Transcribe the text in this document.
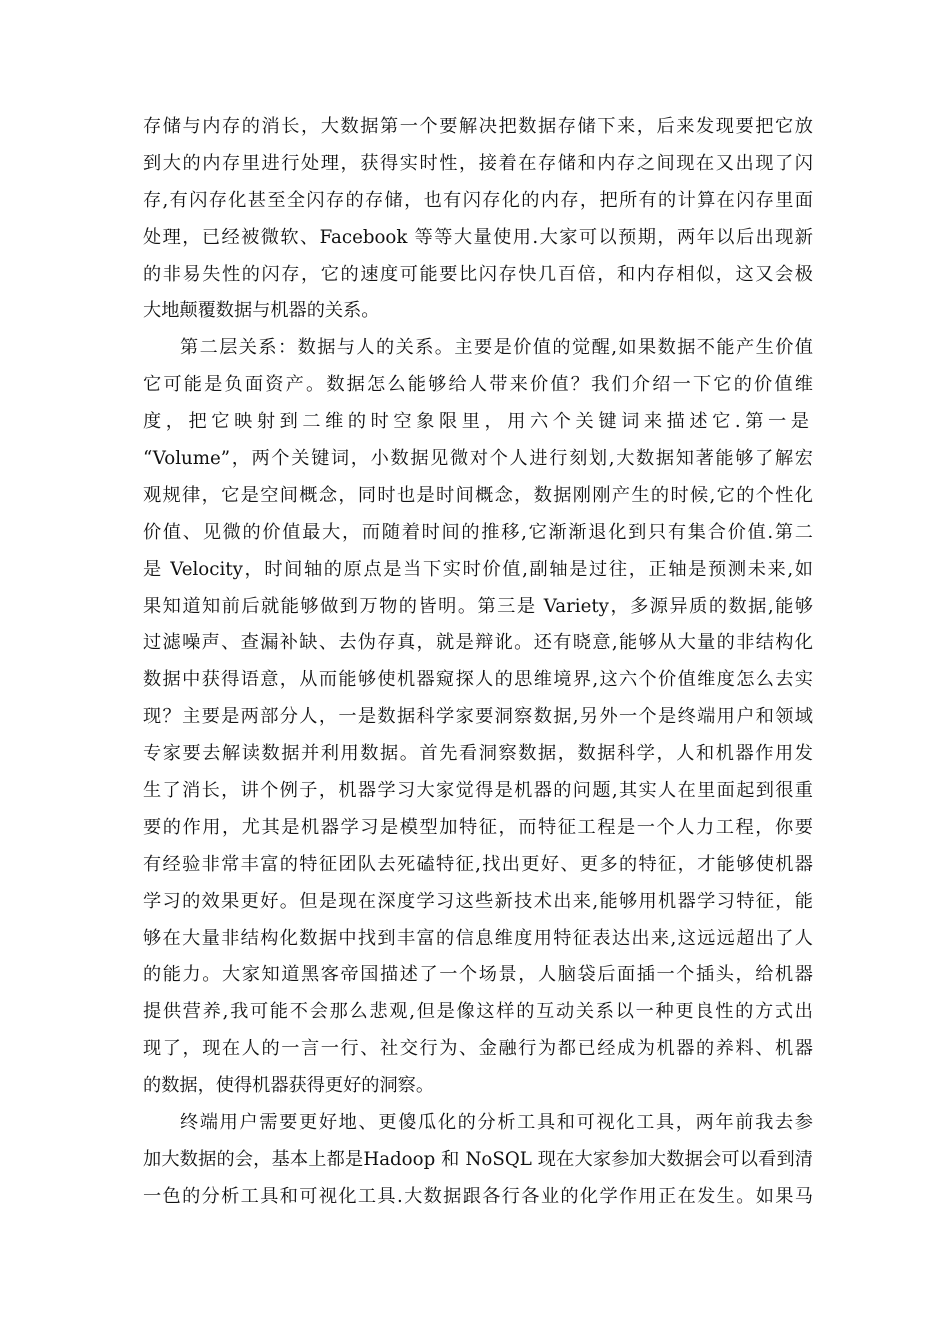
存储与内存的消长，大数据第一个要解决把数据存储下来，后来发现要把它放
到大的内存里进行处理，获得实时性，接着在存储和内存之间现在又出现了闪
存,有闪存化甚至全闪存的存储，也有闪存化的内存，把所有的计算在闪存里面
处理，已经被微软、Facebook 等等大量使用.大家可以预期，两年以后出现新
的非易失性的闪存，它的速度可能要比闪存快几百倍，和内存相似，这又会极
大地颠覆数据与机器的关系。
第二层关系：数据与人的关系。主要是价值的觉醒,如果数据不能产生价值
它可能是负面资产。数据怎么能够给人带来价值？我们介绍一下它的价值维
度，把它映射到二维的时空象限里，用六个关键词来描述它.第一是
“Volume”，两个关键词，小数据见微对个人进行刻划,大数据知著能够了解宏
观规律，它是空间概念，同时也是时间概念，数据刚刚产生的时候,它的个性化
价值、见微的价值最大，而随着时间的推移,它渐渐退化到只有集合价值.第二
是 Velocity，时间轴的原点是当下实时价值,副轴是过往，正轴是预测未来,如
果知道知前后就能够做到万物的皆明。第三是 Variety，多源异质的数据,能够
过滤噪声、查漏补缺、去伪存真，就是辩讹。还有晓意,能够从大量的非结构化
数据中获得语意，从而能够使机器窥探人的思维境界,这六个价值维度怎么去实
现？主要是两部分人，一是数据科学家要洞察数据,另外一个是终端用户和领域
专家要去解读数据并利用数据。首先看洞察数据，数据科学，人和机器作用发
生了消长，讲个例子，机器学习大家觉得是机器的问题,其实人在里面起到很重
要的作用，尤其是机器学习是模型加特征，而特征工程是一个人力工程，你要
有经验非常丰富的特征团队去死磕特征,找出更好、更多的特征，才能够使机器
学习的效果更好。但是现在深度学习这些新技术出来,能够用机器学习特征，能
够在大量非结构化数据中找到丰富的信息维度用特征表达出来,这远远超出了人
的能力。大家知道黑客帝国描述了一个场景，人脑袋后面插一个插头，给机器
提供营养,我可能不会那么悲观,但是像这样的互动关系以一种更良性的方式出
现了，现在人的一言一行、社交行为、金融行为都已经成为机器的养料、机器
的数据，使得机器获得更好的洞察。
终端用户需要更好地、更傻瓜化的分析工具和可视化工具，两年前我去参
加大数据的会，基本上都是Hadoop 和 NoSQL 现在大家参加大数据会可以看到清
一色的分析工具和可视化工具.大数据跟各行各业的化学作用正在发生。如果马
